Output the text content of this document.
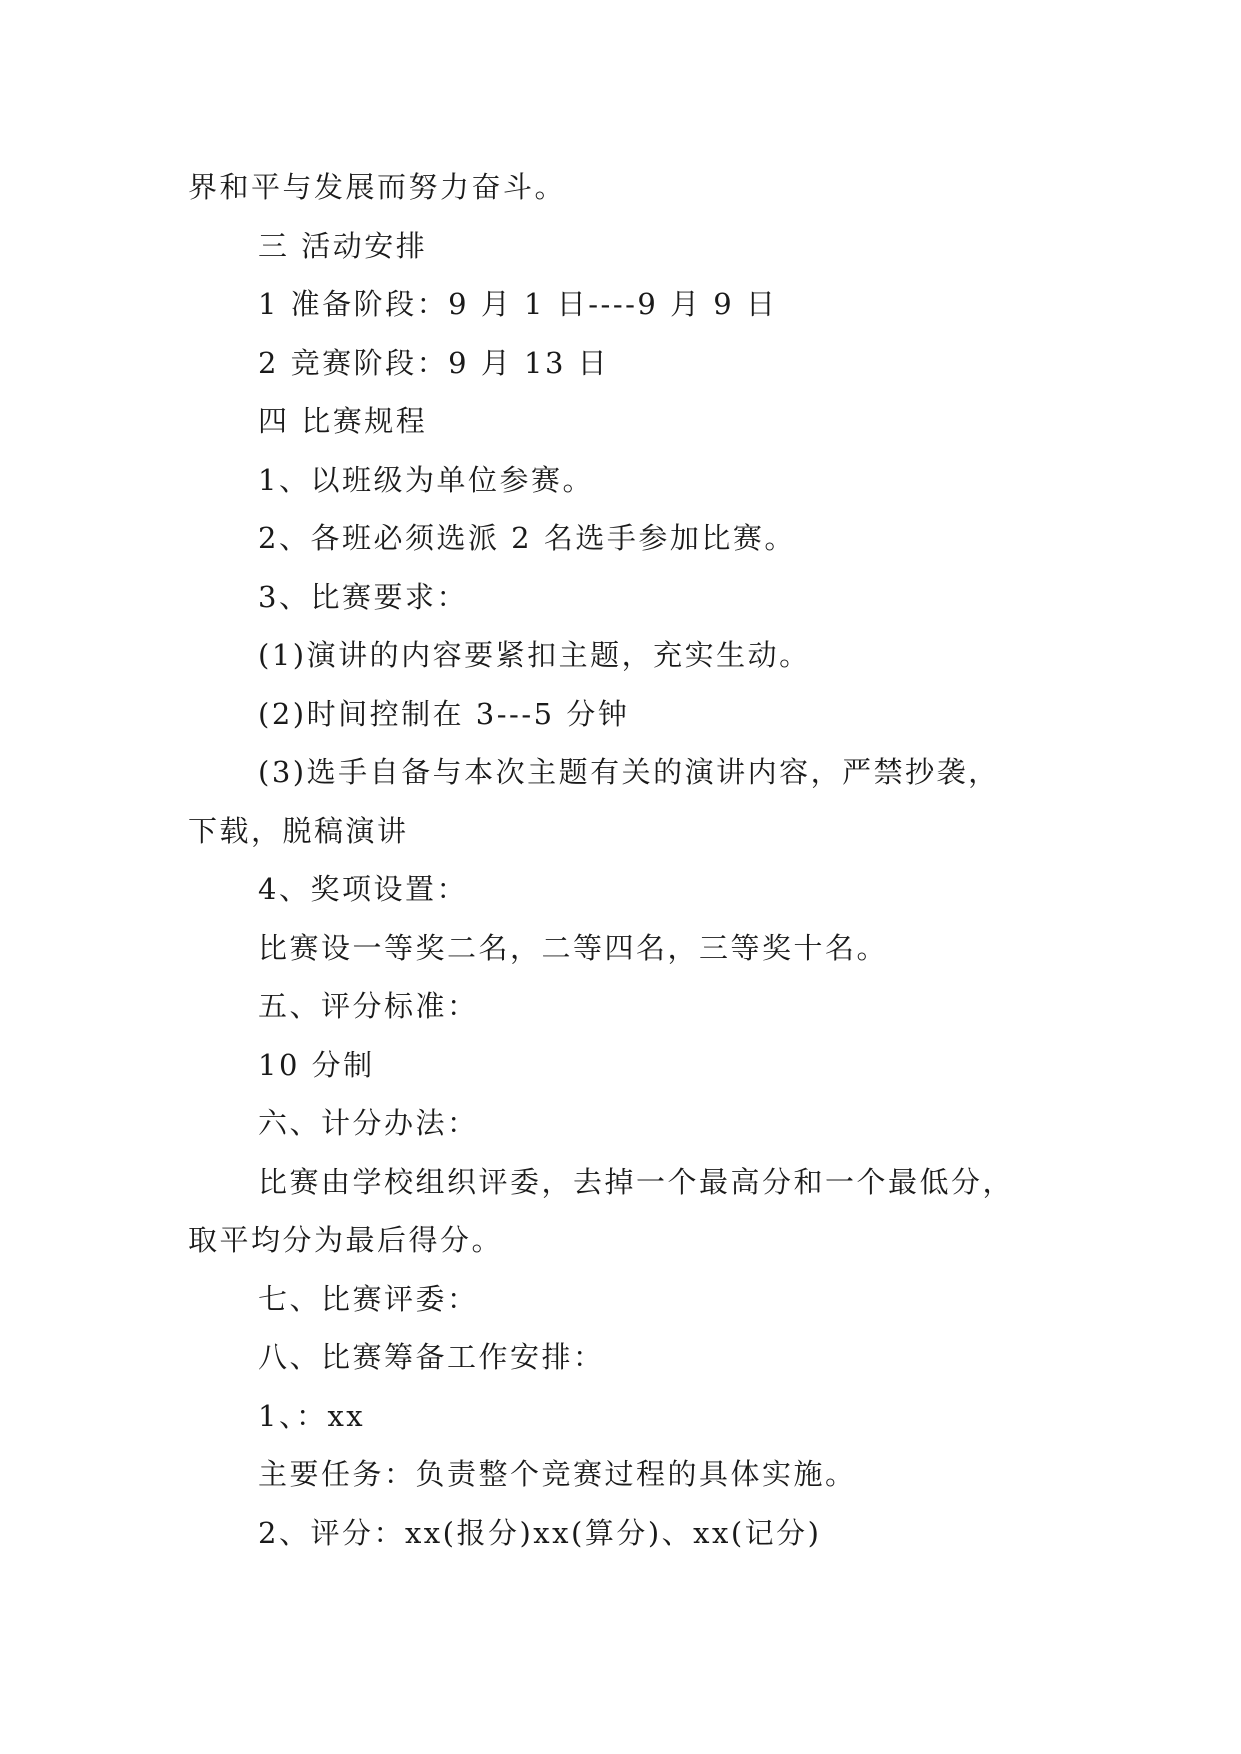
界和平与发展而努力奋斗。
三 活动安排
1 准备阶段：9 月 1 日----9 月 9 日
2 竞赛阶段：9 月 13 日
四 比赛规程
1、以班级为单位参赛。
2、各班必须选派 2 名选手参加比赛。
3、比赛要求：
(1)演讲的内容要紧扣主题，充实生动。
(2)时间控制在 3---5 分钟
(3)选手自备与本次主题有关的演讲内容，严禁抄袭，
下载，脱稿演讲
4、奖项设置：
比赛设一等奖二名，二等四名，三等奖十名。
五、评分标准：
10 分制
六、计分办法：
比赛由学校组织评委，去掉一个最高分和一个最低分，
取平均分为最后得分。
七、比赛评委：
八、比赛筹备工作安排：
1、：xx
主要任务：负责整个竞赛过程的具体实施。
2、评分：xx(报分)xx(算分)、xx(记分)
